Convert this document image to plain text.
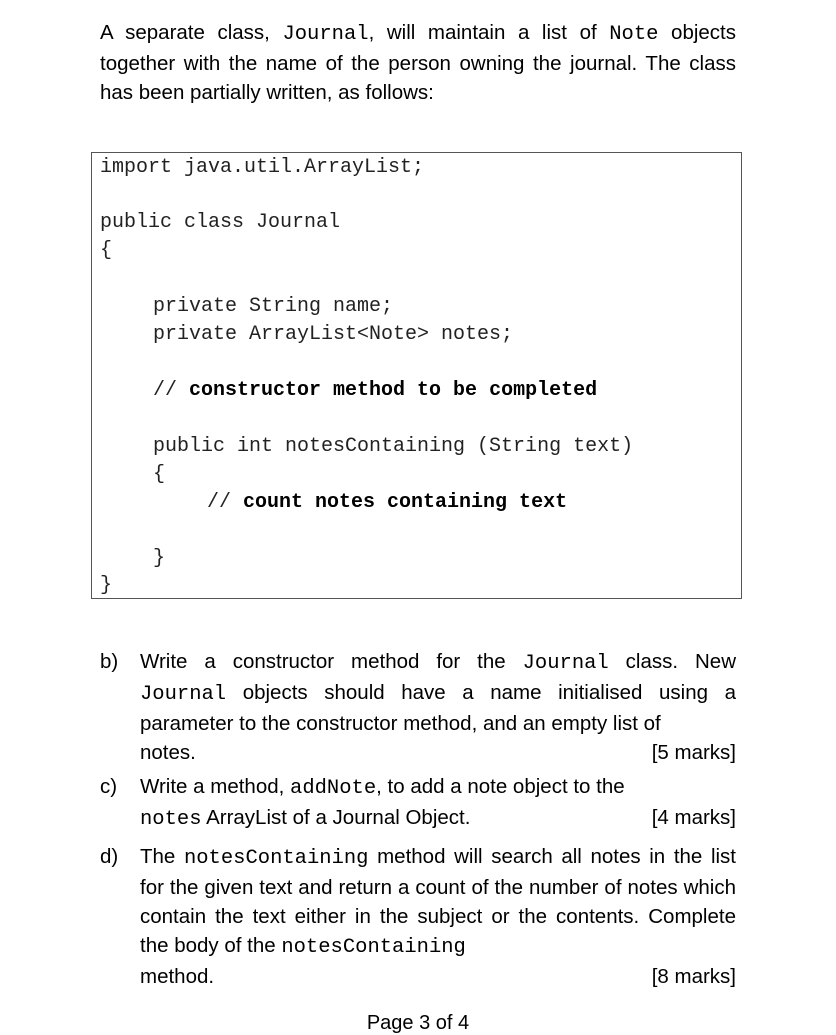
A separate class, Journal, will maintain a list of Note objects together with the name of the person owning the journal. The class has been partially written, as follows:

import java.util.ArrayList;
public class Journal
{
private String name;
private ArrayList<Note> notes;
// constructor method to be completed
public int notesContaining (String text)
{
// count notes containing text
}
}
b) Write a constructor method for the Journal class. New Journal objects should have a name initialised using a parameter to the constructor method, and an empty list of
notes.	[5 marks]
c) Write a method, addNote, to add a note object to the
notes ArrayList of a Journal Object.	[4 marks]
d) The notesContaining method will search all notes in the list for the given text and return a count of the number of notes which contain the text either in the subject or the contents. Complete the body of the notesContaining
method.	[8 marks]
Page 3 of 4
